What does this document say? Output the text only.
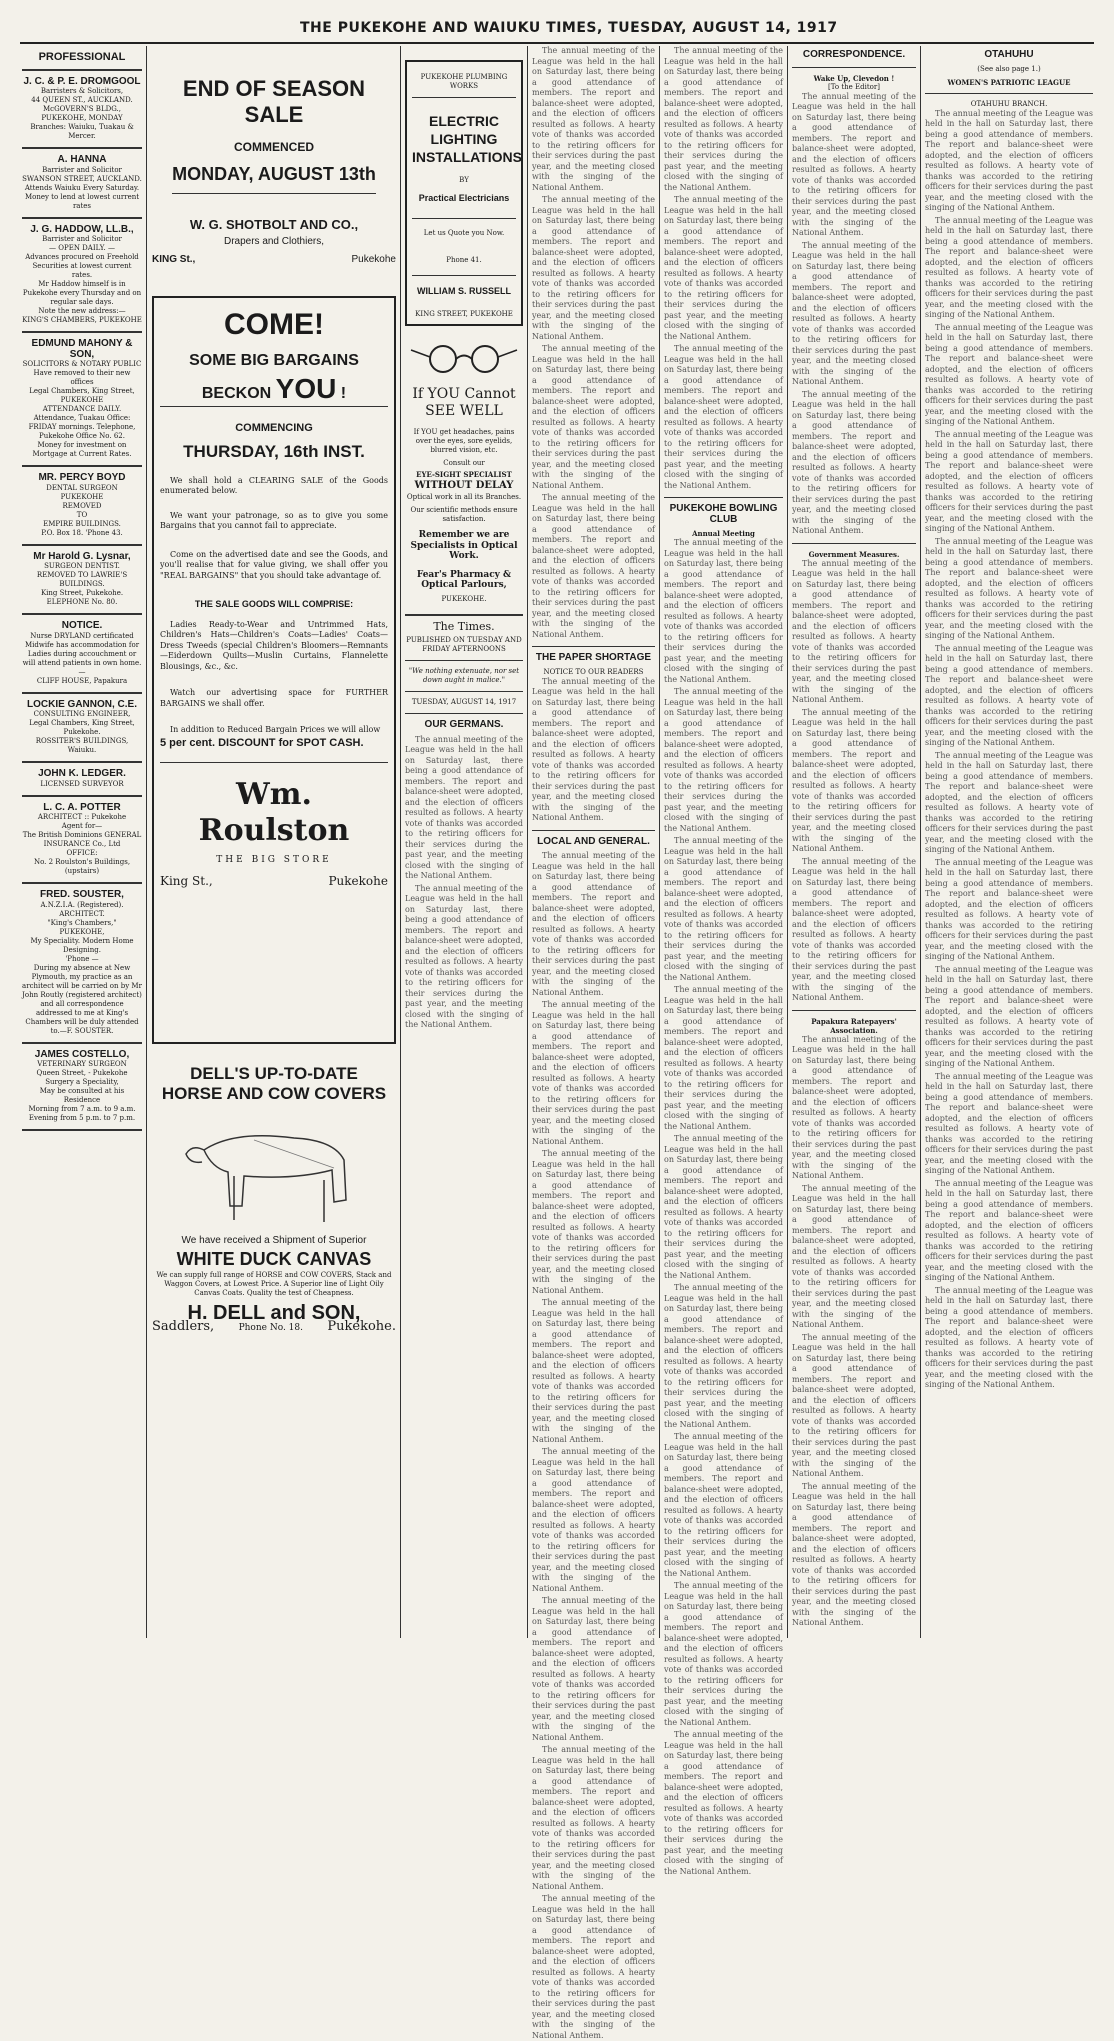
THE PUKEKOHE AND WAIUKU TIMES, TUESDAY, AUGUST 14, 1917
PROFESSIONAL
J. C. & P. E. DROMGOOL
Barristers & Solicitors,
44 QUEEN ST., AUCKLAND.
McGOVERN'S BLDG., PUKEKOHE, MONDAY
Branches: Waiuku, Tuakau & Mercer.
A. HANNA
Barrister and Solicitor
SWANSON STREET, AUCKLAND.
Attends Waiuku Every Saturday.
Money to lend at lowest current rates
J. G. HADDOW, LL.B.,
Barrister and Solicitor
— OPEN DAILY. —
Advances procured on Freehold Securities at lowest current rates.
Mr Haddow himself is in Pukekohe every Thursday and on regular sale days.
Note the new address:—
KING'S CHAMBERS, PUKEKOHE
EDMUND MAHONY & SON,
SOLICITORS & NOTARY PUBLIC
Have removed to their new offices
Legal Chambers, King Street,
PUKEKOHE
ATTENDANCE DAILY.
Attendance, Tuakau Office: FRIDAY mornings. Telephone, Pukekohe Office No. 62.
Money for investment on Mortgage at Current Rates.
MR. PERCY BOYD
DENTAL SURGEON
PUKEKOHE
REMOVED
TO
EMPIRE BUILDINGS.
P.O. Box 18. 'Phone 43.
Mr Harold G. Lysnar,
SURGEON DENTIST.
REMOVED TO LAWRIE'S BUILDINGS.
King Street, Pukekohe.
ELEPHONE No. 80.
NOTICE.
Nurse DRYLAND certificated Midwife has accommodation for Ladies during accouchment or will attend patients in own home.—
CLIFF HOUSE, Papakura
LOCKIE GANNON, C.E.
CONSULTING ENGINEER,
Legal Chambers, King Street,
Pukekohe.
ROSSITER'S BUILDINGS, Waiuku.
JOHN K. LEDGER.
LICENSED SURVEYOR
L. C. A. POTTER
ARCHITECT :: Pukekohe
Agent for—
The British Dominions GENERAL INSURANCE Co., Ltd
OFFICE:
No. 2 Roulston's Buildings, (upstairs)
FRED. SOUSTER,
A.N.Z.I.A. (Registered). ARCHITECT.
"King's Chambers,"
PUKEKOHE,
My Speciality. Modern Home Designing.
'Phone —
During my absence at New Plymouth, my practice as an architect will be carried on by Mr John Routly (registered architect) and all correspondence addressed to me at King's Chambers will be duly attended to.—F. SOUSTER.
JAMES COSTELLO,
VETERINARY SURGEON
Queen Street, - Pukekohe
Surgery a Speciality,
May be consulted at his Residence
Morning from 7 a.m. to 9 a.m.
Evening from 5 p.m. to 7 p.m.
END OF SEASON SALE
COMMENCED
MONDAY, AUGUST 13th
W. G. SHOTBOLT AND CO.,
Drapers and Clothiers,
KING St.,	Pukekohe
COME!
SOME BIG BARGAINS
BECKON YOU !
COMMENCING
THURSDAY, 16th INST.

We shall hold a CLEARING SALE of the Goods enumerated below.

We want your patronage, so as to give you some Bargains that you cannot fail to appreciate.

Come on the advertised date and see the Goods, and you'll realise that for value giving, we shall offer you "REAL BARGAINS" that you should take advantage of.

THE SALE GOODS WILL COMPRISE:

Ladies Ready-to-Wear and Untrimmed Hats, Children's Hats—Children's Coats—Ladies' Coats—Dress Tweeds (special Children's Bloomers—Remnants—Eiderdown Quilts—Muslin Curtains, Flannelette Blousings, &c., &c.

Watch our advertising space for FURTHER BARGAINS we shall offer.

In addition to Reduced Bargain Prices we will allow

5 per cent. DISCOUNT for SPOT CASH.
Wm. Roulston
THE BIG STORE
King St.,	Pukekohe
DELL'S UP-TO-DATE
HORSE AND COW COVERS
We have received a Shipment of Superior
WHITE DUCK CANVAS

We can supply full range of HORSE and COW COVERS, Stack and Waggon Covers, at Lowest Price. A Superior line of Light Oily Canvas Coats. Quality the test of Cheapness.

H. DELL and SON,
Saddlers,	Phone No. 18. Pukekohe.
PUKEKOHE PLUMBING WORKS
ELECTRIC LIGHTING INSTALLATIONS
BY
Practical Electricians
Let us Quote you Now.
Phone 41.
WILLIAM S. RUSSELL
KING STREET, PUKEKOHE
If YOU Cannot SEE WELL

If YOU get headaches, pains over the eyes, sore eyelids, blurred vision, etc.

Consult our
EYE-SIGHT SPECIALIST
WITHOUT DELAY
Optical work in all its Branches.
Our scientific methods ensure satisfaction.
Remember we are Specialists in Optical Work.
Fear's Pharmacy & Optical Parlours,
PUKEKOHE.
The Times.
PUBLISHED ON TUESDAY AND FRIDAY AFTERNOONS
"We nothing extenuate, nor set down aught in malice."
TUESDAY, AUGUST 14, 1917
OUR GERMANS.

The annual meeting of the League was held in the hall on Saturday last, there being a good attendance of members. The report and balance-sheet were adopted, and the election of officers resulted as follows. A hearty vote of thanks was accorded to the retiring officers for their services during the past year, and the meeting closed with the singing of the National Anthem.

The annual meeting of the League was held in the hall on Saturday last, there being a good attendance of members. The report and balance-sheet were adopted, and the election of officers resulted as follows. A hearty vote of thanks was accorded to the retiring officers for their services during the past year, and the meeting closed with the singing of the National Anthem.

The annual meeting of the League was held in the hall on Saturday last, there being a good attendance of members. The report and balance-sheet were adopted, and the election of officers resulted as follows. A hearty vote of thanks was accorded to the retiring officers for their services during the past year, and the meeting closed with the singing of the National Anthem.

The annual meeting of the League was held in the hall on Saturday last, there being a good attendance of members. The report and balance-sheet were adopted, and the election of officers resulted as follows. A hearty vote of thanks was accorded to the retiring officers for their services during the past year, and the meeting closed with the singing of the National Anthem.

The annual meeting of the League was held in the hall on Saturday last, there being a good attendance of members. The report and balance-sheet were adopted, and the election of officers resulted as follows. A hearty vote of thanks was accorded to the retiring officers for their services during the past year, and the meeting closed with the singing of the National Anthem.

The annual meeting of the League was held in the hall on Saturday last, there being a good attendance of members. The report and balance-sheet were adopted, and the election of officers resulted as follows. A hearty vote of thanks was accorded to the retiring officers for their services during the past year, and the meeting closed with the singing of the National Anthem.

THE PAPER SHORTAGE
NOTICE TO OUR READERS

The annual meeting of the League was held in the hall on Saturday last, there being a good attendance of members. The report and balance-sheet were adopted, and the election of officers resulted as follows. A hearty vote of thanks was accorded to the retiring officers for their services during the past year, and the meeting closed with the singing of the National Anthem.

LOCAL AND GENERAL.

The annual meeting of the League was held in the hall on Saturday last, there being a good attendance of members. The report and balance-sheet were adopted, and the election of officers resulted as follows. A hearty vote of thanks was accorded to the retiring officers for their services during the past year, and the meeting closed with the singing of the National Anthem.

The annual meeting of the League was held in the hall on Saturday last, there being a good attendance of members. The report and balance-sheet were adopted, and the election of officers resulted as follows. A hearty vote of thanks was accorded to the retiring officers for their services during the past year, and the meeting closed with the singing of the National Anthem.

The annual meeting of the League was held in the hall on Saturday last, there being a good attendance of members. The report and balance-sheet were adopted, and the election of officers resulted as follows. A hearty vote of thanks was accorded to the retiring officers for their services during the past year, and the meeting closed with the singing of the National Anthem.

The annual meeting of the League was held in the hall on Saturday last, there being a good attendance of members. The report and balance-sheet were adopted, and the election of officers resulted as follows. A hearty vote of thanks was accorded to the retiring officers for their services during the past year, and the meeting closed with the singing of the National Anthem.

The annual meeting of the League was held in the hall on Saturday last, there being a good attendance of members. The report and balance-sheet were adopted, and the election of officers resulted as follows. A hearty vote of thanks was accorded to the retiring officers for their services during the past year, and the meeting closed with the singing of the National Anthem.

The annual meeting of the League was held in the hall on Saturday last, there being a good attendance of members. The report and balance-sheet were adopted, and the election of officers resulted as follows. A hearty vote of thanks was accorded to the retiring officers for their services during the past year, and the meeting closed with the singing of the National Anthem.

The annual meeting of the League was held in the hall on Saturday last, there being a good attendance of members. The report and balance-sheet were adopted, and the election of officers resulted as follows. A hearty vote of thanks was accorded to the retiring officers for their services during the past year, and the meeting closed with the singing of the National Anthem.

The annual meeting of the League was held in the hall on Saturday last, there being a good attendance of members. The report and balance-sheet were adopted, and the election of officers resulted as follows. A hearty vote of thanks was accorded to the retiring officers for their services during the past year, and the meeting closed with the singing of the National Anthem.

The annual meeting of the League was held in the hall on Saturday last, there being a good attendance of members. The report and balance-sheet were adopted, and the election of officers resulted as follows. A hearty vote of thanks was accorded to the retiring officers for their services during the past year, and the meeting closed with the singing of the National Anthem.

The annual meeting of the League was held in the hall on Saturday last, there being a good attendance of members. The report and balance-sheet were adopted, and the election of officers resulted as follows. A hearty vote of thanks was accorded to the retiring officers for their services during the past year, and the meeting closed with the singing of the National Anthem.

The annual meeting of the League was held in the hall on Saturday last, there being a good attendance of members. The report and balance-sheet were adopted, and the election of officers resulted as follows. A hearty vote of thanks was accorded to the retiring officers for their services during the past year, and the meeting closed with the singing of the National Anthem.

PUKEKOHE BOWLING CLUB
Annual Meeting

The annual meeting of the League was held in the hall on Saturday last, there being a good attendance of members. The report and balance-sheet were adopted, and the election of officers resulted as follows. A hearty vote of thanks was accorded to the retiring officers for their services during the past year, and the meeting closed with the singing of the National Anthem.

The annual meeting of the League was held in the hall on Saturday last, there being a good attendance of members. The report and balance-sheet were adopted, and the election of officers resulted as follows. A hearty vote of thanks was accorded to the retiring officers for their services during the past year, and the meeting closed with the singing of the National Anthem.

The annual meeting of the League was held in the hall on Saturday last, there being a good attendance of members. The report and balance-sheet were adopted, and the election of officers resulted as follows. A hearty vote of thanks was accorded to the retiring officers for their services during the past year, and the meeting closed with the singing of the National Anthem.

The annual meeting of the League was held in the hall on Saturday last, there being a good attendance of members. The report and balance-sheet were adopted, and the election of officers resulted as follows. A hearty vote of thanks was accorded to the retiring officers for their services during the past year, and the meeting closed with the singing of the National Anthem.

The annual meeting of the League was held in the hall on Saturday last, there being a good attendance of members. The report and balance-sheet were adopted, and the election of officers resulted as follows. A hearty vote of thanks was accorded to the retiring officers for their services during the past year, and the meeting closed with the singing of the National Anthem.

The annual meeting of the League was held in the hall on Saturday last, there being a good attendance of members. The report and balance-sheet were adopted, and the election of officers resulted as follows. A hearty vote of thanks was accorded to the retiring officers for their services during the past year, and the meeting closed with the singing of the National Anthem.

The annual meeting of the League was held in the hall on Saturday last, there being a good attendance of members. The report and balance-sheet were adopted, and the election of officers resulted as follows. A hearty vote of thanks was accorded to the retiring officers for their services during the past year, and the meeting closed with the singing of the National Anthem.

The annual meeting of the League was held in the hall on Saturday last, there being a good attendance of members. The report and balance-sheet were adopted, and the election of officers resulted as follows. A hearty vote of thanks was accorded to the retiring officers for their services during the past year, and the meeting closed with the singing of the National Anthem.

The annual meeting of the League was held in the hall on Saturday last, there being a good attendance of members. The report and balance-sheet were adopted, and the election of officers resulted as follows. A hearty vote of thanks was accorded to the retiring officers for their services during the past year, and the meeting closed with the singing of the National Anthem.

CORRESPONDENCE.
Wake Up, Clevedon !
[To the Editor]

The annual meeting of the League was held in the hall on Saturday last, there being a good attendance of members. The report and balance-sheet were adopted, and the election of officers resulted as follows. A hearty vote of thanks was accorded to the retiring officers for their services during the past year, and the meeting closed with the singing of the National Anthem.

The annual meeting of the League was held in the hall on Saturday last, there being a good attendance of members. The report and balance-sheet were adopted, and the election of officers resulted as follows. A hearty vote of thanks was accorded to the retiring officers for their services during the past year, and the meeting closed with the singing of the National Anthem.

The annual meeting of the League was held in the hall on Saturday last, there being a good attendance of members. The report and balance-sheet were adopted, and the election of officers resulted as follows. A hearty vote of thanks was accorded to the retiring officers for their services during the past year, and the meeting closed with the singing of the National Anthem.

Government Measures.

The annual meeting of the League was held in the hall on Saturday last, there being a good attendance of members. The report and balance-sheet were adopted, and the election of officers resulted as follows. A hearty vote of thanks was accorded to the retiring officers for their services during the past year, and the meeting closed with the singing of the National Anthem.

The annual meeting of the League was held in the hall on Saturday last, there being a good attendance of members. The report and balance-sheet were adopted, and the election of officers resulted as follows. A hearty vote of thanks was accorded to the retiring officers for their services during the past year, and the meeting closed with the singing of the National Anthem.

The annual meeting of the League was held in the hall on Saturday last, there being a good attendance of members. The report and balance-sheet were adopted, and the election of officers resulted as follows. A hearty vote of thanks was accorded to the retiring officers for their services during the past year, and the meeting closed with the singing of the National Anthem.

Papakura Ratepayers' Association.

The annual meeting of the League was held in the hall on Saturday last, there being a good attendance of members. The report and balance-sheet were adopted, and the election of officers resulted as follows. A hearty vote of thanks was accorded to the retiring officers for their services during the past year, and the meeting closed with the singing of the National Anthem.

The annual meeting of the League was held in the hall on Saturday last, there being a good attendance of members. The report and balance-sheet were adopted, and the election of officers resulted as follows. A hearty vote of thanks was accorded to the retiring officers for their services during the past year, and the meeting closed with the singing of the National Anthem.

The annual meeting of the League was held in the hall on Saturday last, there being a good attendance of members. The report and balance-sheet were adopted, and the election of officers resulted as follows. A hearty vote of thanks was accorded to the retiring officers for their services during the past year, and the meeting closed with the singing of the National Anthem.

The annual meeting of the League was held in the hall on Saturday last, there being a good attendance of members. The report and balance-sheet were adopted, and the election of officers resulted as follows. A hearty vote of thanks was accorded to the retiring officers for their services during the past year, and the meeting closed with the singing of the National Anthem.

OTAHUHU
(See also page 1.)
WOMEN'S PATRIOTIC LEAGUE
OTAHUHU BRANCH.

The annual meeting of the League was held in the hall on Saturday last, there being a good attendance of members. The report and balance-sheet were adopted, and the election of officers resulted as follows. A hearty vote of thanks was accorded to the retiring officers for their services during the past year, and the meeting closed with the singing of the National Anthem.

The annual meeting of the League was held in the hall on Saturday last, there being a good attendance of members. The report and balance-sheet were adopted, and the election of officers resulted as follows. A hearty vote of thanks was accorded to the retiring officers for their services during the past year, and the meeting closed with the singing of the National Anthem.

The annual meeting of the League was held in the hall on Saturday last, there being a good attendance of members. The report and balance-sheet were adopted, and the election of officers resulted as follows. A hearty vote of thanks was accorded to the retiring officers for their services during the past year, and the meeting closed with the singing of the National Anthem.

The annual meeting of the League was held in the hall on Saturday last, there being a good attendance of members. The report and balance-sheet were adopted, and the election of officers resulted as follows. A hearty vote of thanks was accorded to the retiring officers for their services during the past year, and the meeting closed with the singing of the National Anthem.

The annual meeting of the League was held in the hall on Saturday last, there being a good attendance of members. The report and balance-sheet were adopted, and the election of officers resulted as follows. A hearty vote of thanks was accorded to the retiring officers for their services during the past year, and the meeting closed with the singing of the National Anthem.

The annual meeting of the League was held in the hall on Saturday last, there being a good attendance of members. The report and balance-sheet were adopted, and the election of officers resulted as follows. A hearty vote of thanks was accorded to the retiring officers for their services during the past year, and the meeting closed with the singing of the National Anthem.

The annual meeting of the League was held in the hall on Saturday last, there being a good attendance of members. The report and balance-sheet were adopted, and the election of officers resulted as follows. A hearty vote of thanks was accorded to the retiring officers for their services during the past year, and the meeting closed with the singing of the National Anthem.

The annual meeting of the League was held in the hall on Saturday last, there being a good attendance of members. The report and balance-sheet were adopted, and the election of officers resulted as follows. A hearty vote of thanks was accorded to the retiring officers for their services during the past year, and the meeting closed with the singing of the National Anthem.

The annual meeting of the League was held in the hall on Saturday last, there being a good attendance of members. The report and balance-sheet were adopted, and the election of officers resulted as follows. A hearty vote of thanks was accorded to the retiring officers for their services during the past year, and the meeting closed with the singing of the National Anthem.

The annual meeting of the League was held in the hall on Saturday last, there being a good attendance of members. The report and balance-sheet were adopted, and the election of officers resulted as follows. A hearty vote of thanks was accorded to the retiring officers for their services during the past year, and the meeting closed with the singing of the National Anthem.

The annual meeting of the League was held in the hall on Saturday last, there being a good attendance of members. The report and balance-sheet were adopted, and the election of officers resulted as follows. A hearty vote of thanks was accorded to the retiring officers for their services during the past year, and the meeting closed with the singing of the National Anthem.

The annual meeting of the League was held in the hall on Saturday last, there being a good attendance of members. The report and balance-sheet were adopted, and the election of officers resulted as follows. A hearty vote of thanks was accorded to the retiring officers for their services during the past year, and the meeting closed with the singing of the National Anthem.
